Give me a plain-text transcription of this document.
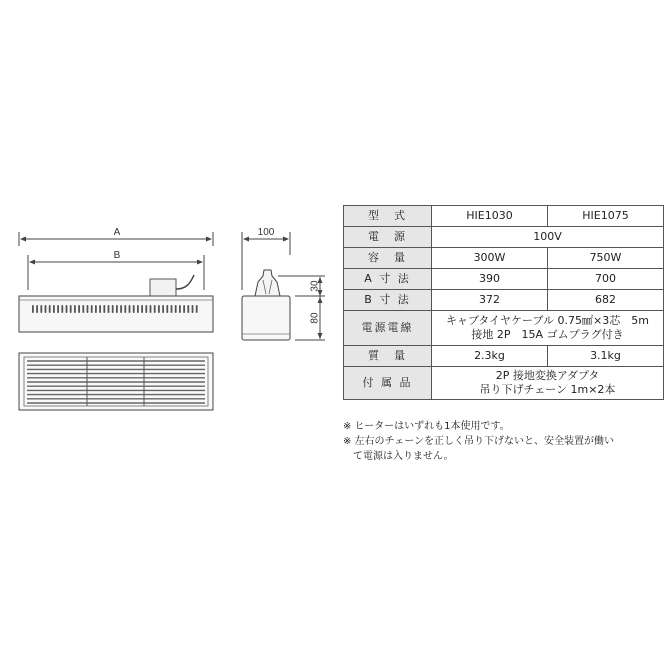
A
B
100
30
80
型　式	HIE1030	HIE1075
電　源	100V	
容　量	300W	750W
A 寸 法	390	700
B 寸 法	372	682
電源電線	キャブタイヤケーブル 0.75㎟×3芯　5m
接地 2P　15A ゴムプラグ付き	

質　量	2.3kg	3.1kg
付 属 品	2P 接地変換アダプタ
吊り下げチェーン 1m×2本	
※ ヒーターはいずれも1本使用です。
※ 左右のチェーンを正しく吊り下げないと、安全装置が働い
て電源は入りません。
